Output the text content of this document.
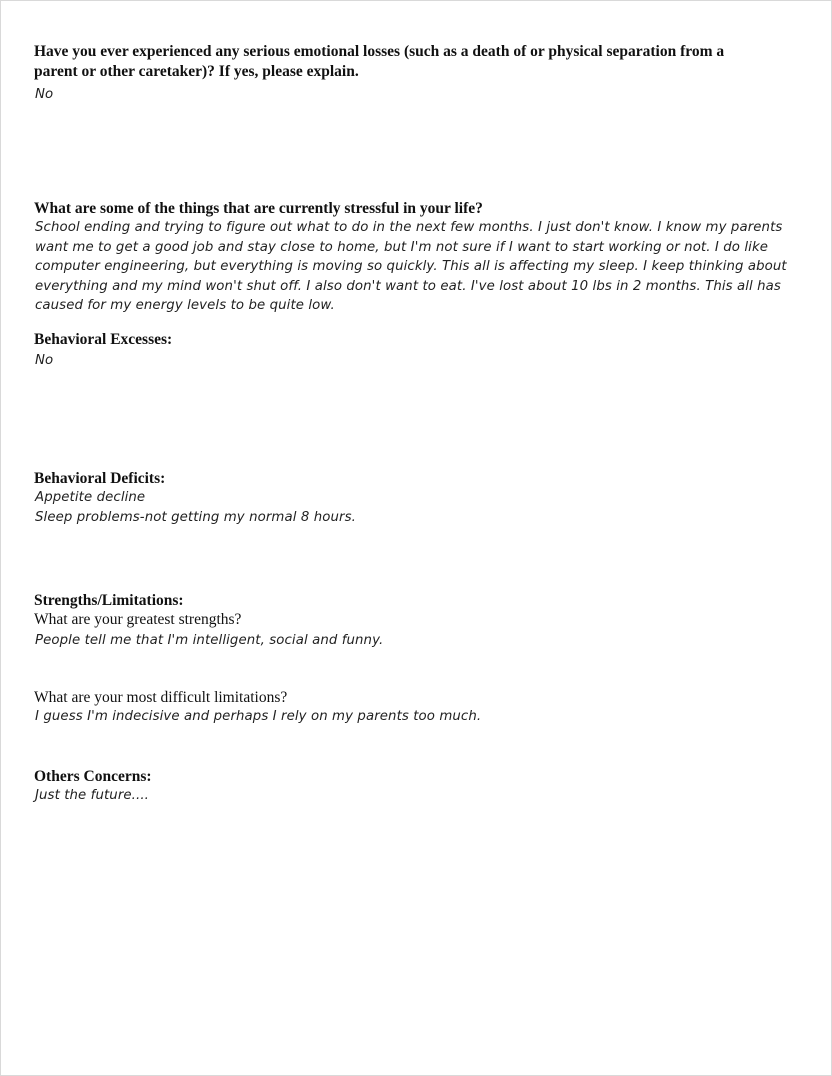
Have you ever experienced any serious emotional losses (such as a death of or physical separation from a
parent or other caretaker)? If yes, please explain.

No

What are some of the things that are currently stressful in your life?

School ending and trying to figure out what to do in the next few months. I just don't know. I know my parents
want me to get a good job and stay close to home, but I'm not sure if I want to start working or not. I do like
computer engineering, but everything is moving so quickly. This all is affecting my sleep. I keep thinking about
everything and my mind won't shut off. I also don't want to eat. I've lost about 10 lbs in 2 months. This all has
caused for my energy levels to be quite low.

Behavioral Excesses:

No

Behavioral Deficits:

Appetite decline
Sleep problems-not getting my normal 8 hours.

Strengths/Limitations:

What are your greatest strengths?

People tell me that I'm intelligent, social and funny.

What are your most difficult limitations?

I guess I'm indecisive and perhaps I rely on my parents too much.

Others Concerns:

Just the future....
